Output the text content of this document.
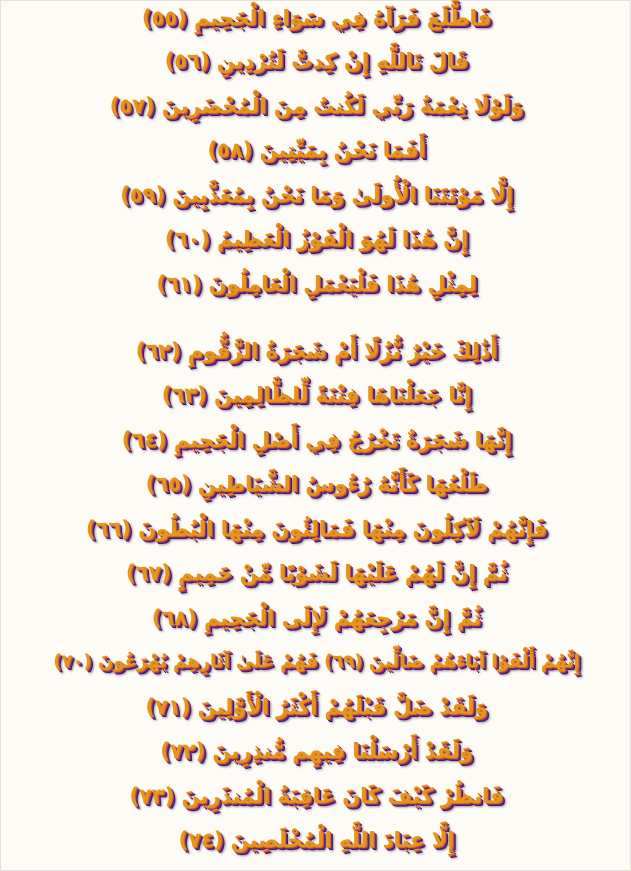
فَاطَّلَعَ فَرَآهُ فِي سَوَاءِ الْجَحِيمِ (٥٥)
قَالَ تَاللَّهِ إِنْ كِدتَّ لَتُرْدِينِ (٥٦)
وَلَوْلَا نِعْمَةُ رَبِّي لَكُنتُ مِنَ الْمُحْضَرِينَ (٥٧)
أَفَمَا نَحْنُ بِمَيِّتِينَ (٥٨)
إِلَّا مَوْتَتَنَا الْأُولَىٰ وَمَا نَحْنُ بِمُعَذَّبِينَ (٥٩)
إِنَّ هَٰذَا لَهُوَ الْفَوْزُ الْعَظِيمُ (٦٠)
لِمِثْلِ هَٰذَا فَلْيَعْمَلِ الْعَامِلُونَ (٦١)
أَذَٰلِكَ خَيْرٌ نُّزُلًا أَمْ شَجَرَةُ الزَّقُّومِ (٦٢)
إِنَّا جَعَلْنَاهَا فِتْنَةً لِّلظَّالِمِينَ (٦٣)
إِنَّهَا شَجَرَةٌ تَخْرُجُ فِي أَصْلِ الْجَحِيمِ (٦٤)
طَلْعُهَا كَأَنَّهُ رُءُوسُ الشَّيَاطِينِ (٦٥)
فَإِنَّهُمْ لَآكِلُونَ مِنْهَا فَمَالِئُونَ مِنْهَا الْبُطُونَ (٦٦)
ثُمَّ إِنَّ لَهُمْ عَلَيْهَا لَشَوْبًا مِّنْ حَمِيمٍ (٦٧)
ثُمَّ إِنَّ مَرْجِعَهُمْ لَإِلَى الْجَحِيمِ (٦٨)
إِنَّهُمْ أَلْفَوْا آبَاءَهُمْ ضَالِّينَ (٦٩) فَهُمْ عَلَىٰ آثَارِهِمْ يُهْرَعُونَ (٧٠)
وَلَقَدْ ضَلَّ قَبْلَهُمْ أَكْثَرُ الْأَوَّلِينَ (٧١)
وَلَقَدْ أَرْسَلْنَا فِيهِم مُّنذِرِينَ (٧٢)
فَانظُرْ كَيْفَ كَانَ عَاقِبَةُ الْمُنذَرِينَ (٧٣)
إِلَّا عِبَادَ اللَّهِ الْمُخْلَصِينَ (٧٤)
